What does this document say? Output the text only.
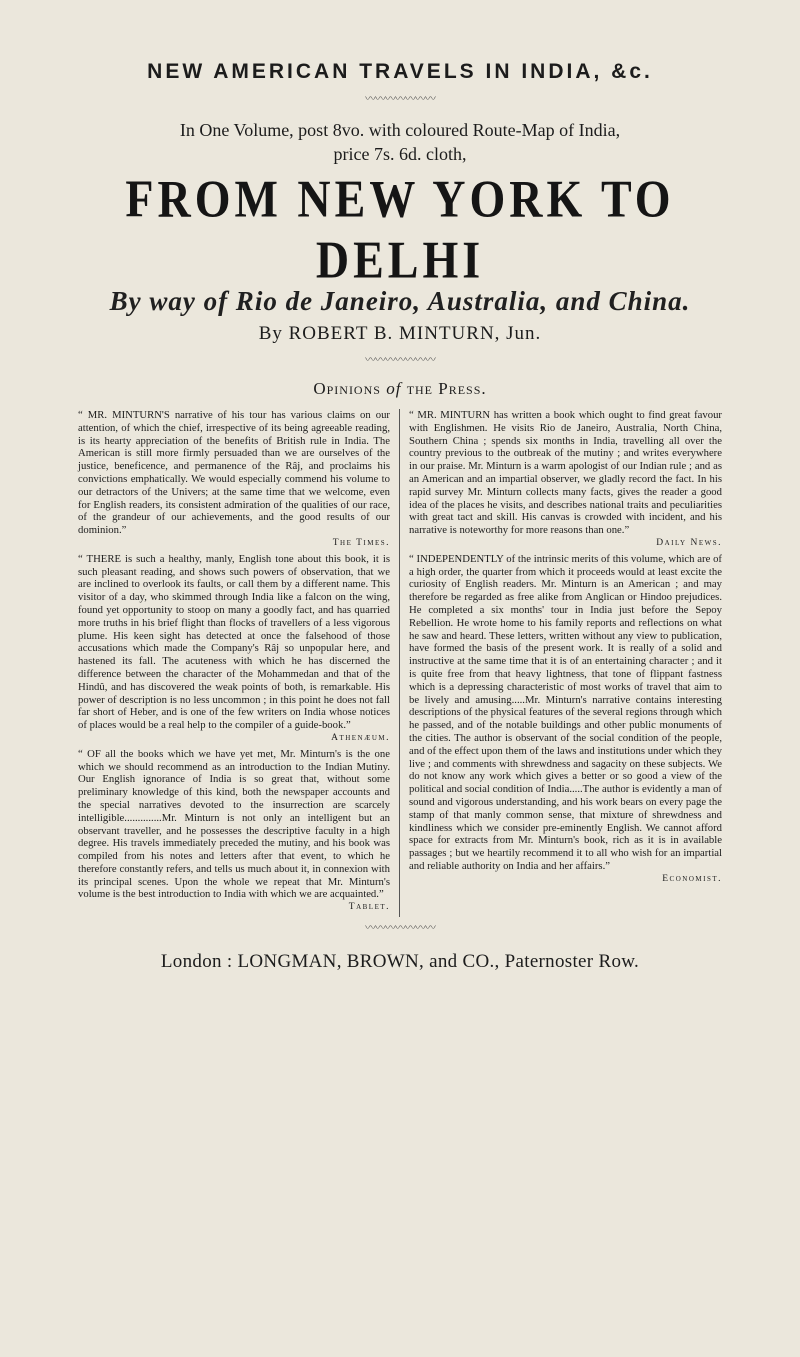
NEW AMERICAN TRAVELS IN INDIA, &c.
〰〰〰〰〰〰〰

In One Volume, post 8vo. with coloured Route-Map of India,

price 7s. 6d. cloth,

FROM NEW YORK TO DELHI
By way of Rio de Janeiro, Australia, and China.
By ROBERT B. MINTURN, Jun.
〰〰〰〰〰〰〰
Opinions of the Press.

“ MR. MINTURN'S narrative of his tour has various claims on our attention, of which the chief, irrespective of its being agreeable reading, is its hearty appreciation of the benefits of British rule in India. The American is still more firmly persuaded than we are ourselves of the justice, beneficence, and permanence of the Râj, and proclaims his convictions emphatically. We would especially commend his volume to our detractors of the Univers; at the same time that we welcome, even for English readers, its consistent admiration of the qualities of our race, of the grandeur of our achievements, and the good results of our dominion.”

The Times.

“ THERE is such a healthy, manly, English tone about this book, it is such pleasant reading, and shows such powers of observation, that we are inclined to overlook its faults, or call them by a different name. This visitor of a day, who skimmed through India like a falcon on the wing, found yet opportunity to stoop on many a goodly fact, and has quarried more truths in his brief flight than flocks of travellers of a less vigorous plume. His keen sight has detected at once the falsehood of those accusations which made the Company's Râj so unpopular here, and hastened its fall. The acuteness with which he has discerned the difference between the character of the Mohammedan and that of the Hindû, and has discovered the weak points of both, is remarkable. His power of description is no less uncommon ; in this point he does not fall far short of Heber, and is one of the few writers on India whose notices of places would be a real help to the compiler of a guide-book.”

Athenæum.

“ OF all the books which we have yet met, Mr. Minturn's is the one which we should recommend as an introduction to the Indian Mutiny. Our English ignorance of India is so great that, without some preliminary knowledge of this kind, both the newspaper accounts and the special narratives devoted to the insurrection are scarcely intelligible..............Mr. Minturn is not only an intelligent but an observant traveller, and he possesses the descriptive faculty in a high degree. His travels immediately preceded the mutiny, and his book was compiled from his notes and letters after that event, to which he therefore constantly refers, and tells us much about it, in connexion with its principal scenes. Upon the whole we repeat that Mr. Minturn's volume is the best introduction to India with which we are acquainted.”

Tablet.

“ MR. MINTURN has written a book which ought to find great favour with Englishmen. He visits Rio de Janeiro, Australia, North China, Southern China ; spends six months in India, travelling all over the country previous to the outbreak of the mutiny ; and writes everywhere in our praise. Mr. Minturn is a warm apologist of our Indian rule ; and as an American and an impartial observer, we gladly record the fact. In his rapid survey Mr. Minturn collects many facts, gives the reader a good idea of the places he visits, and describes national traits and peculiarities with great tact and skill. His canvas is crowded with incident, and his narrative is noteworthy for more reasons than one.”

Daily News.

“ INDEPENDENTLY of the intrinsic merits of this volume, which are of a high order, the quarter from which it proceeds would at least excite the curiosity of English readers. Mr. Minturn is an American ; and may therefore be regarded as free alike from Anglican or Hindoo prejudices. He completed a six months' tour in India just before the Sepoy Rebellion. He wrote home to his family reports and reflections on what he saw and heard. These letters, written without any view to publication, have formed the basis of the present work. It is really of a solid and instructive at the same time that it is of an entertaining character ; and it is quite free from that heavy lightness, that tone of flippant fastness which is a depressing characteristic of most works of travel that aim to be lively and amusing.....Mr. Minturn's narrative contains interesting descriptions of the physical features of the several regions through which he passed, and of the notable buildings and other public monuments of the cities. The author is observant of the social condition of the people, and of the effect upon them of the laws and institutions under which they live ; and comments with shrewdness and sagacity on these subjects. We do not know any work which gives a better or so good a view of the political and social condition of India.....The author is evidently a man of sound and vigorous understanding, and his work bears on every page the stamp of that manly common sense, that mixture of shrewdness and kindliness which we consider pre-eminently English. We cannot afford space for extracts from Mr. Minturn's book, rich as it is in available passages ; but we heartily recommend it to all who wish for an impartial and reliable authority on India and her affairs.”

Economist.
〰〰〰〰〰〰〰
London : LONGMAN, BROWN, and CO., Paternoster Row.
